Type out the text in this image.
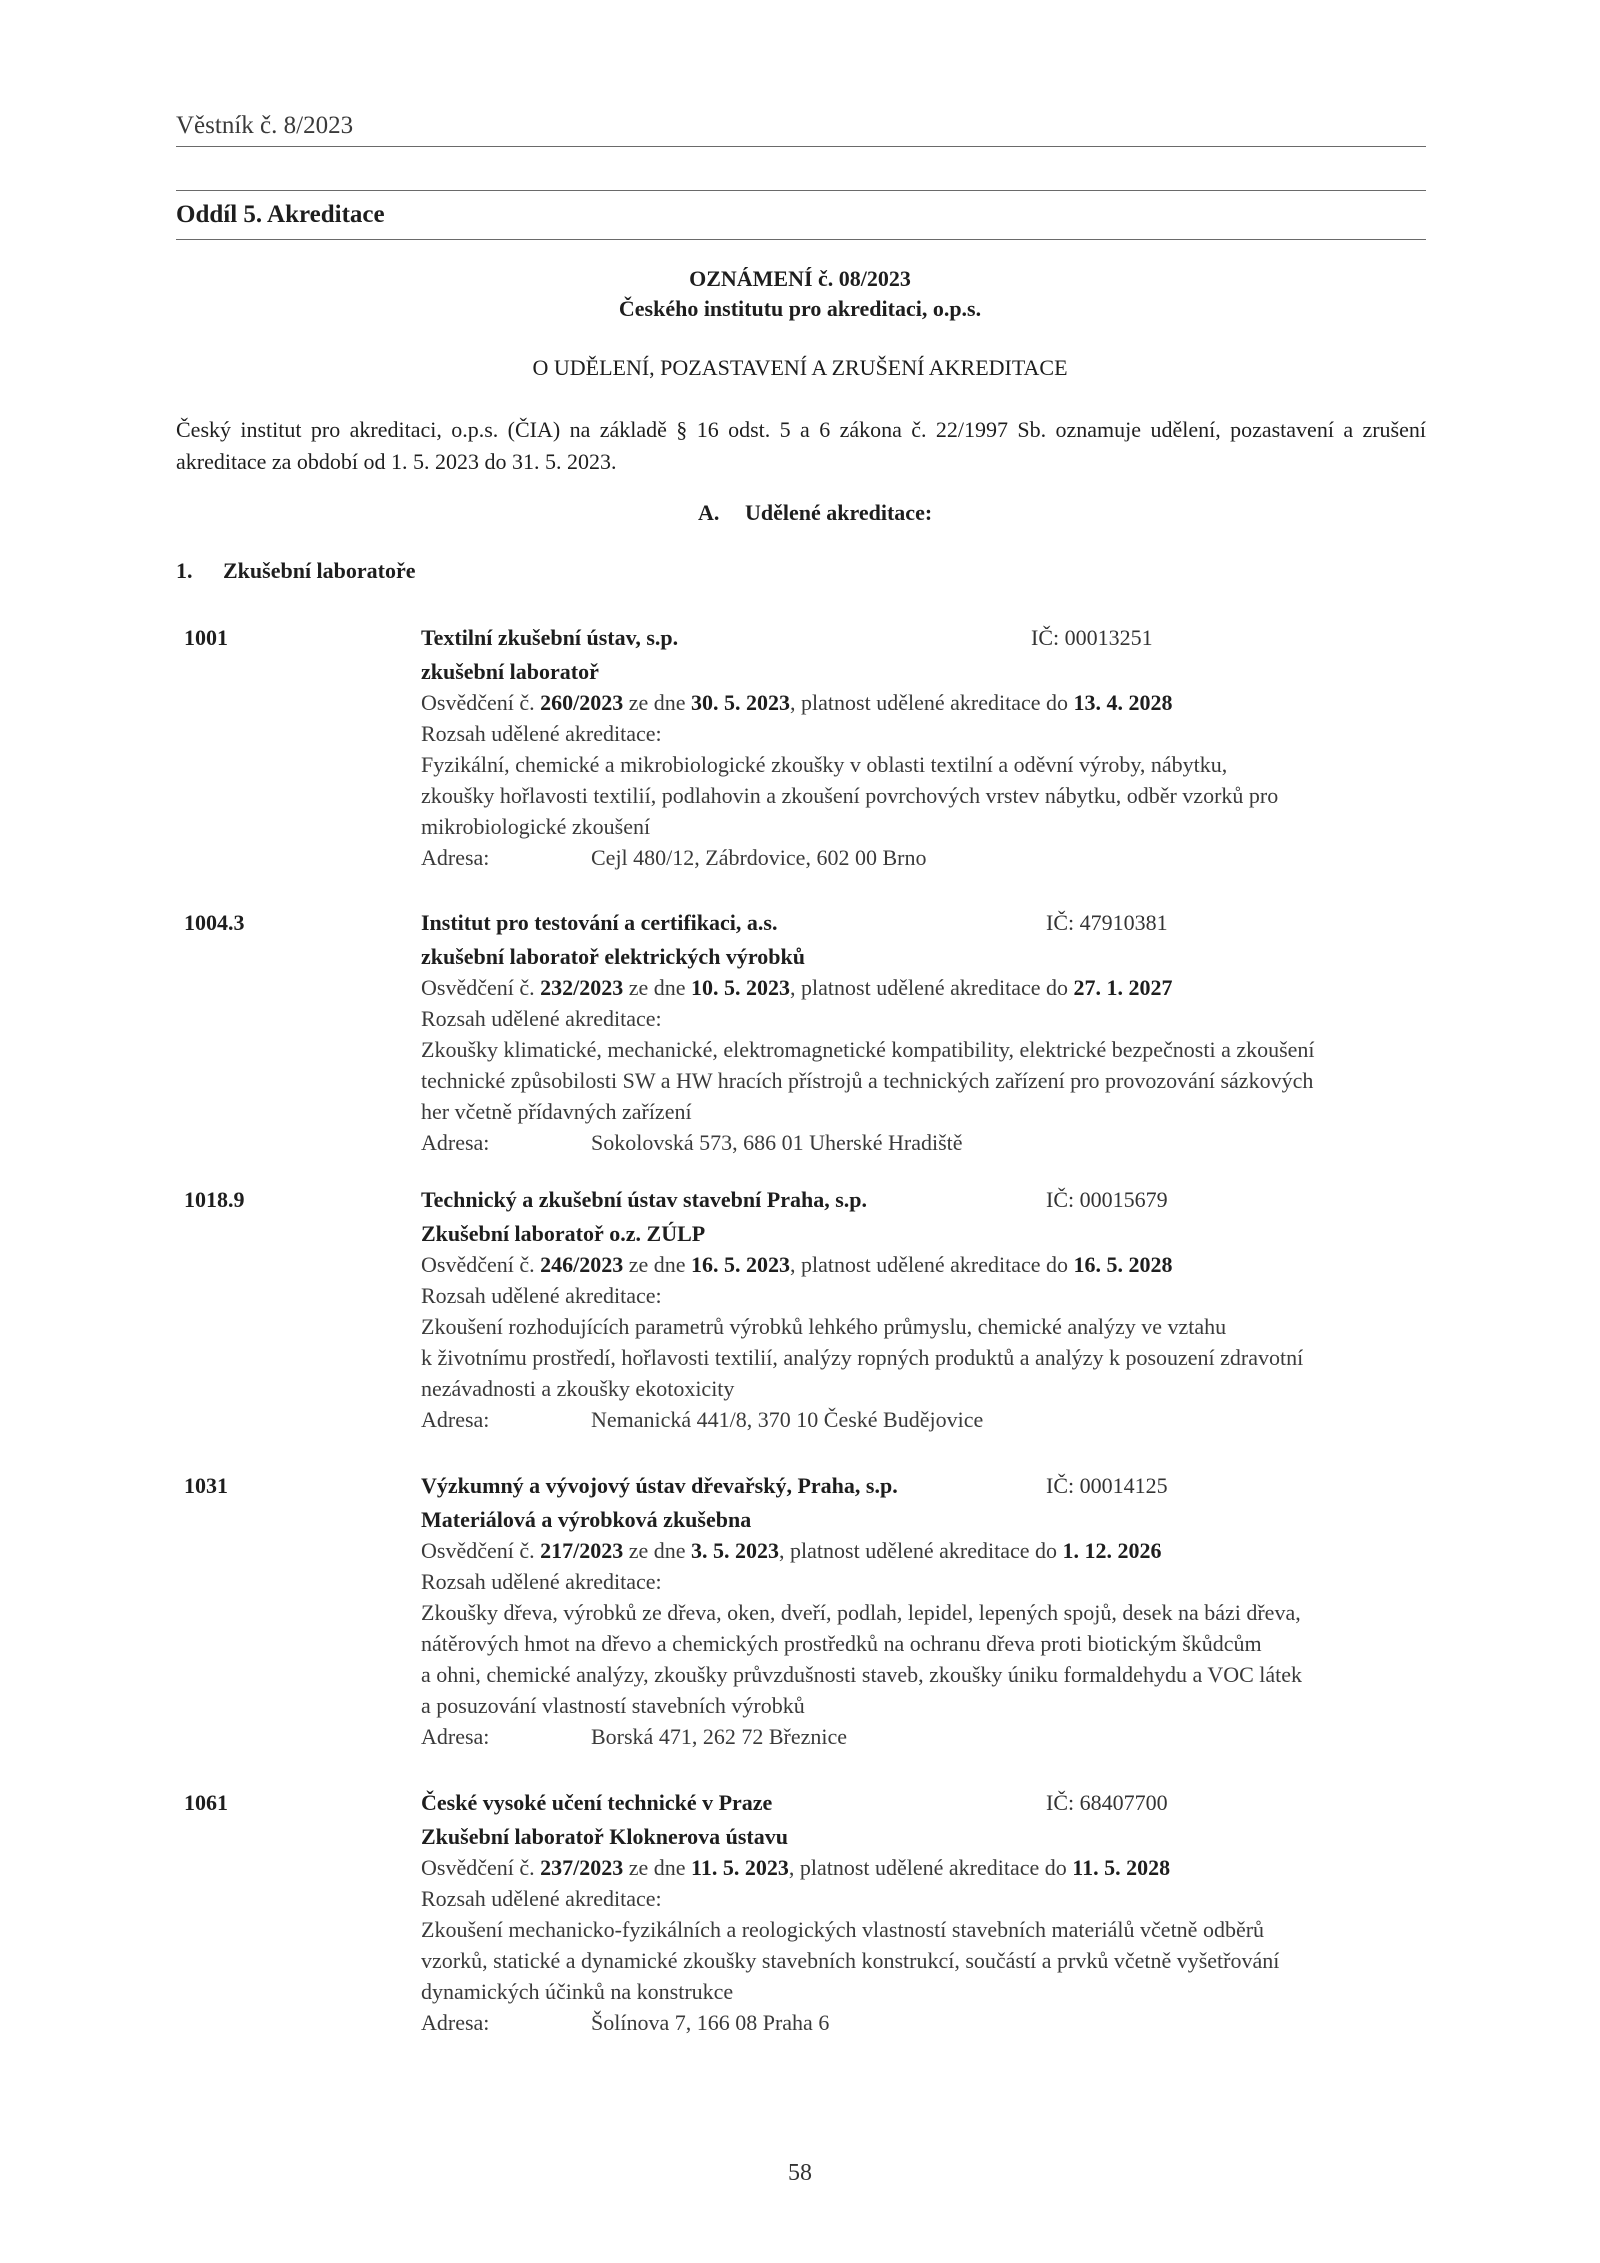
Věstník č. 8/2023
Oddíl 5. Akreditace
OZNÁMENÍ č. 08/2023
Českého institutu pro akreditaci, o.p.s.
O UDĚLENÍ, POZASTAVENÍ A ZRUŠENÍ AKREDITACE
Český institut pro akreditaci, o.p.s. (ČIA) na základě § 16 odst. 5 a 6 zákona č. 22/1997 Sb. oznamuje udělení, pozastavení a zrušení akreditace za období od 1. 5. 2023 do 31. 5. 2023.
A. Udělené akreditace:
1. Zkušební laboratoře
1001	Textilní zkušební ústav, s.p.	IČ: 00013251
zkušební laboratoř
Osvědčení č. 260/2023 ze dne 30. 5. 2023, platnost udělené akreditace do 13. 4. 2028
Rozsah udělené akreditace:
Fyzikální, chemické a mikrobiologické zkoušky v oblasti textilní a oděvní výroby, nábytku,
zkoušky hořlavosti textilií, podlahovin a zkoušení povrchových vrstev nábytku, odběr vzorků pro
mikrobiologické zkoušení
Adresa:	Cejl 480/12, Zábrdovice, 602 00 Brno
1004.3	Institut pro testování a certifikaci, a.s.	IČ: 47910381
zkušební laboratoř elektrických výrobků
Osvědčení č. 232/2023 ze dne 10. 5. 2023, platnost udělené akreditace do 27. 1. 2027
Rozsah udělené akreditace:
Zkoušky klimatické, mechanické, elektromagnetické kompatibility, elektrické bezpečnosti a zkoušení
technické způsobilosti SW a HW hracích přístrojů a technických zařízení pro provozování sázkových
her včetně přídavných zařízení
Adresa:	Sokolovská 573, 686 01 Uherské Hradiště
1018.9	Technický a zkušební ústav stavební Praha, s.p.	IČ: 00015679
Zkušební laboratoř o.z. ZÚLP
Osvědčení č. 246/2023 ze dne 16. 5. 2023, platnost udělené akreditace do 16. 5. 2028
Rozsah udělené akreditace:
Zkoušení rozhodujících parametrů výrobků lehkého průmyslu, chemické analýzy ve vztahu
k životnímu prostředí, hořlavosti textilií, analýzy ropných produktů a analýzy k posouzení zdravotní
nezávadnosti a zkoušky ekotoxicity
Adresa:	Nemanická 441/8, 370 10 České Budějovice
1031	Výzkumný a vývojový ústav dřevařský, Praha, s.p.	IČ: 00014125
Materiálová a výrobková zkušebna
Osvědčení č. 217/2023 ze dne 3. 5. 2023, platnost udělené akreditace do 1. 12. 2026
Rozsah udělené akreditace:
Zkoušky dřeva, výrobků ze dřeva, oken, dveří, podlah, lepidel, lepených spojů, desek na bázi dřeva,
nátěrových hmot na dřevo a chemických prostředků na ochranu dřeva proti biotickým škůdcům
a ohni, chemické analýzy, zkoušky průvzdušnosti staveb, zkoušky úniku formaldehydu a VOC látek
a posuzování vlastností stavebních výrobků
Adresa:	Borská 471, 262 72 Březnice
1061	České vysoké učení technické v Praze	IČ: 68407700
Zkušební laboratoř Kloknerova ústavu
Osvědčení č. 237/2023 ze dne 11. 5. 2023, platnost udělené akreditace do 11. 5. 2028
Rozsah udělené akreditace:
Zkoušení mechanicko-fyzikálních a reologických vlastností stavebních materiálů včetně odběrů
vzorků, statické a dynamické zkoušky stavebních konstrukcí, součástí a prvků včetně vyšetřování
dynamických účinků na konstrukce
Adresa:	Šolínova 7, 166 08 Praha 6
58
